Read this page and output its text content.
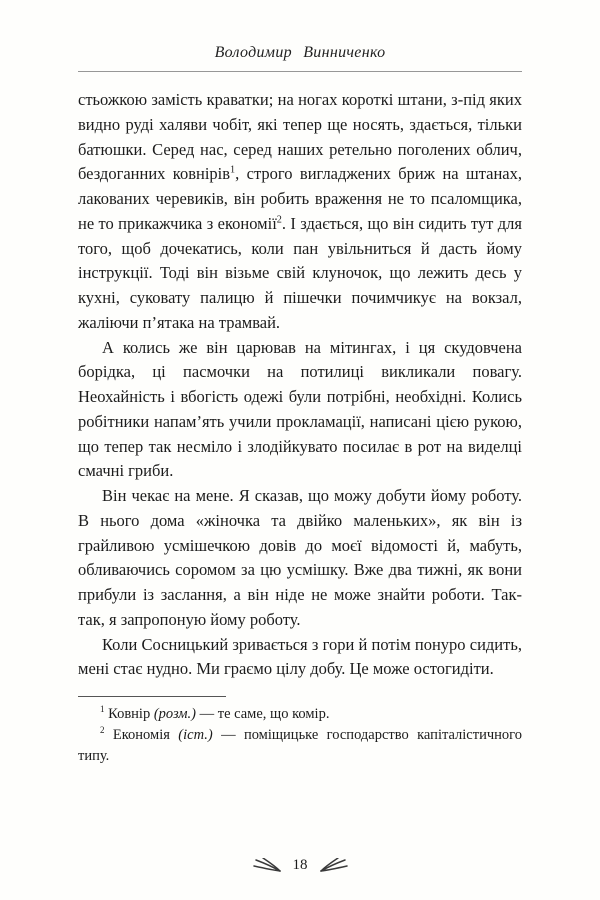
Володимир Винниченко

стьожкою замість краватки; на ногах короткі штани, з-під яких видно руді халяви чобіт, які тепер ще носять, здається, тільки батюшки. Серед нас, серед наших ретельно поголених облич, бездоганних ковнірів$^1$, строго вигладжених бриж на штанах, лакованих черевиків, він робить враження не то псаломщика, не то прикажчика з економії$^2$. І здається, що він сидить тут для того, щоб дочекатись, коли пан увільниться й дасть йому інструкції. Тоді він візьме свій клуночок, що лежить десь у кухні, суковату палицю й пішечки почимчикує на вокзал, жаліючи п’ятака на трамвай.

А колись же він царював на мітингах, і ця скудовчена борідка, ці пасмочки на потилиці викликали повагу. Неохайність і вбогість одежі були потрібні, необхідні. Колись робітники напам’ять учили прокламації, написані цією рукою, що тепер так несміло і злодійкувато посилає в рот на виделці смачні гриби.

Він чекає на мене. Я сказав, що можу добути йому роботу. В нього дома «жіночка та двійко маленьких», як він із грайливою усмішечкою довів до моєї відомості й, мабуть, обливаючись соромом за цю усмішку. Вже два тижні, як вони прибули із заслання, а він ніде не може знайти роботи. Так-так, я запропоную йому роботу.

Коли Сосницький зривається з гори й потім понуро сидить, мені стає нудно. Ми граємо цілу добу. Це може остогидіти.

$^1$ Ковнір (розм.) — те саме, що комір.

$^2$ Економія (іст.) — поміщицьке господарство капіталістичного типу.

18
